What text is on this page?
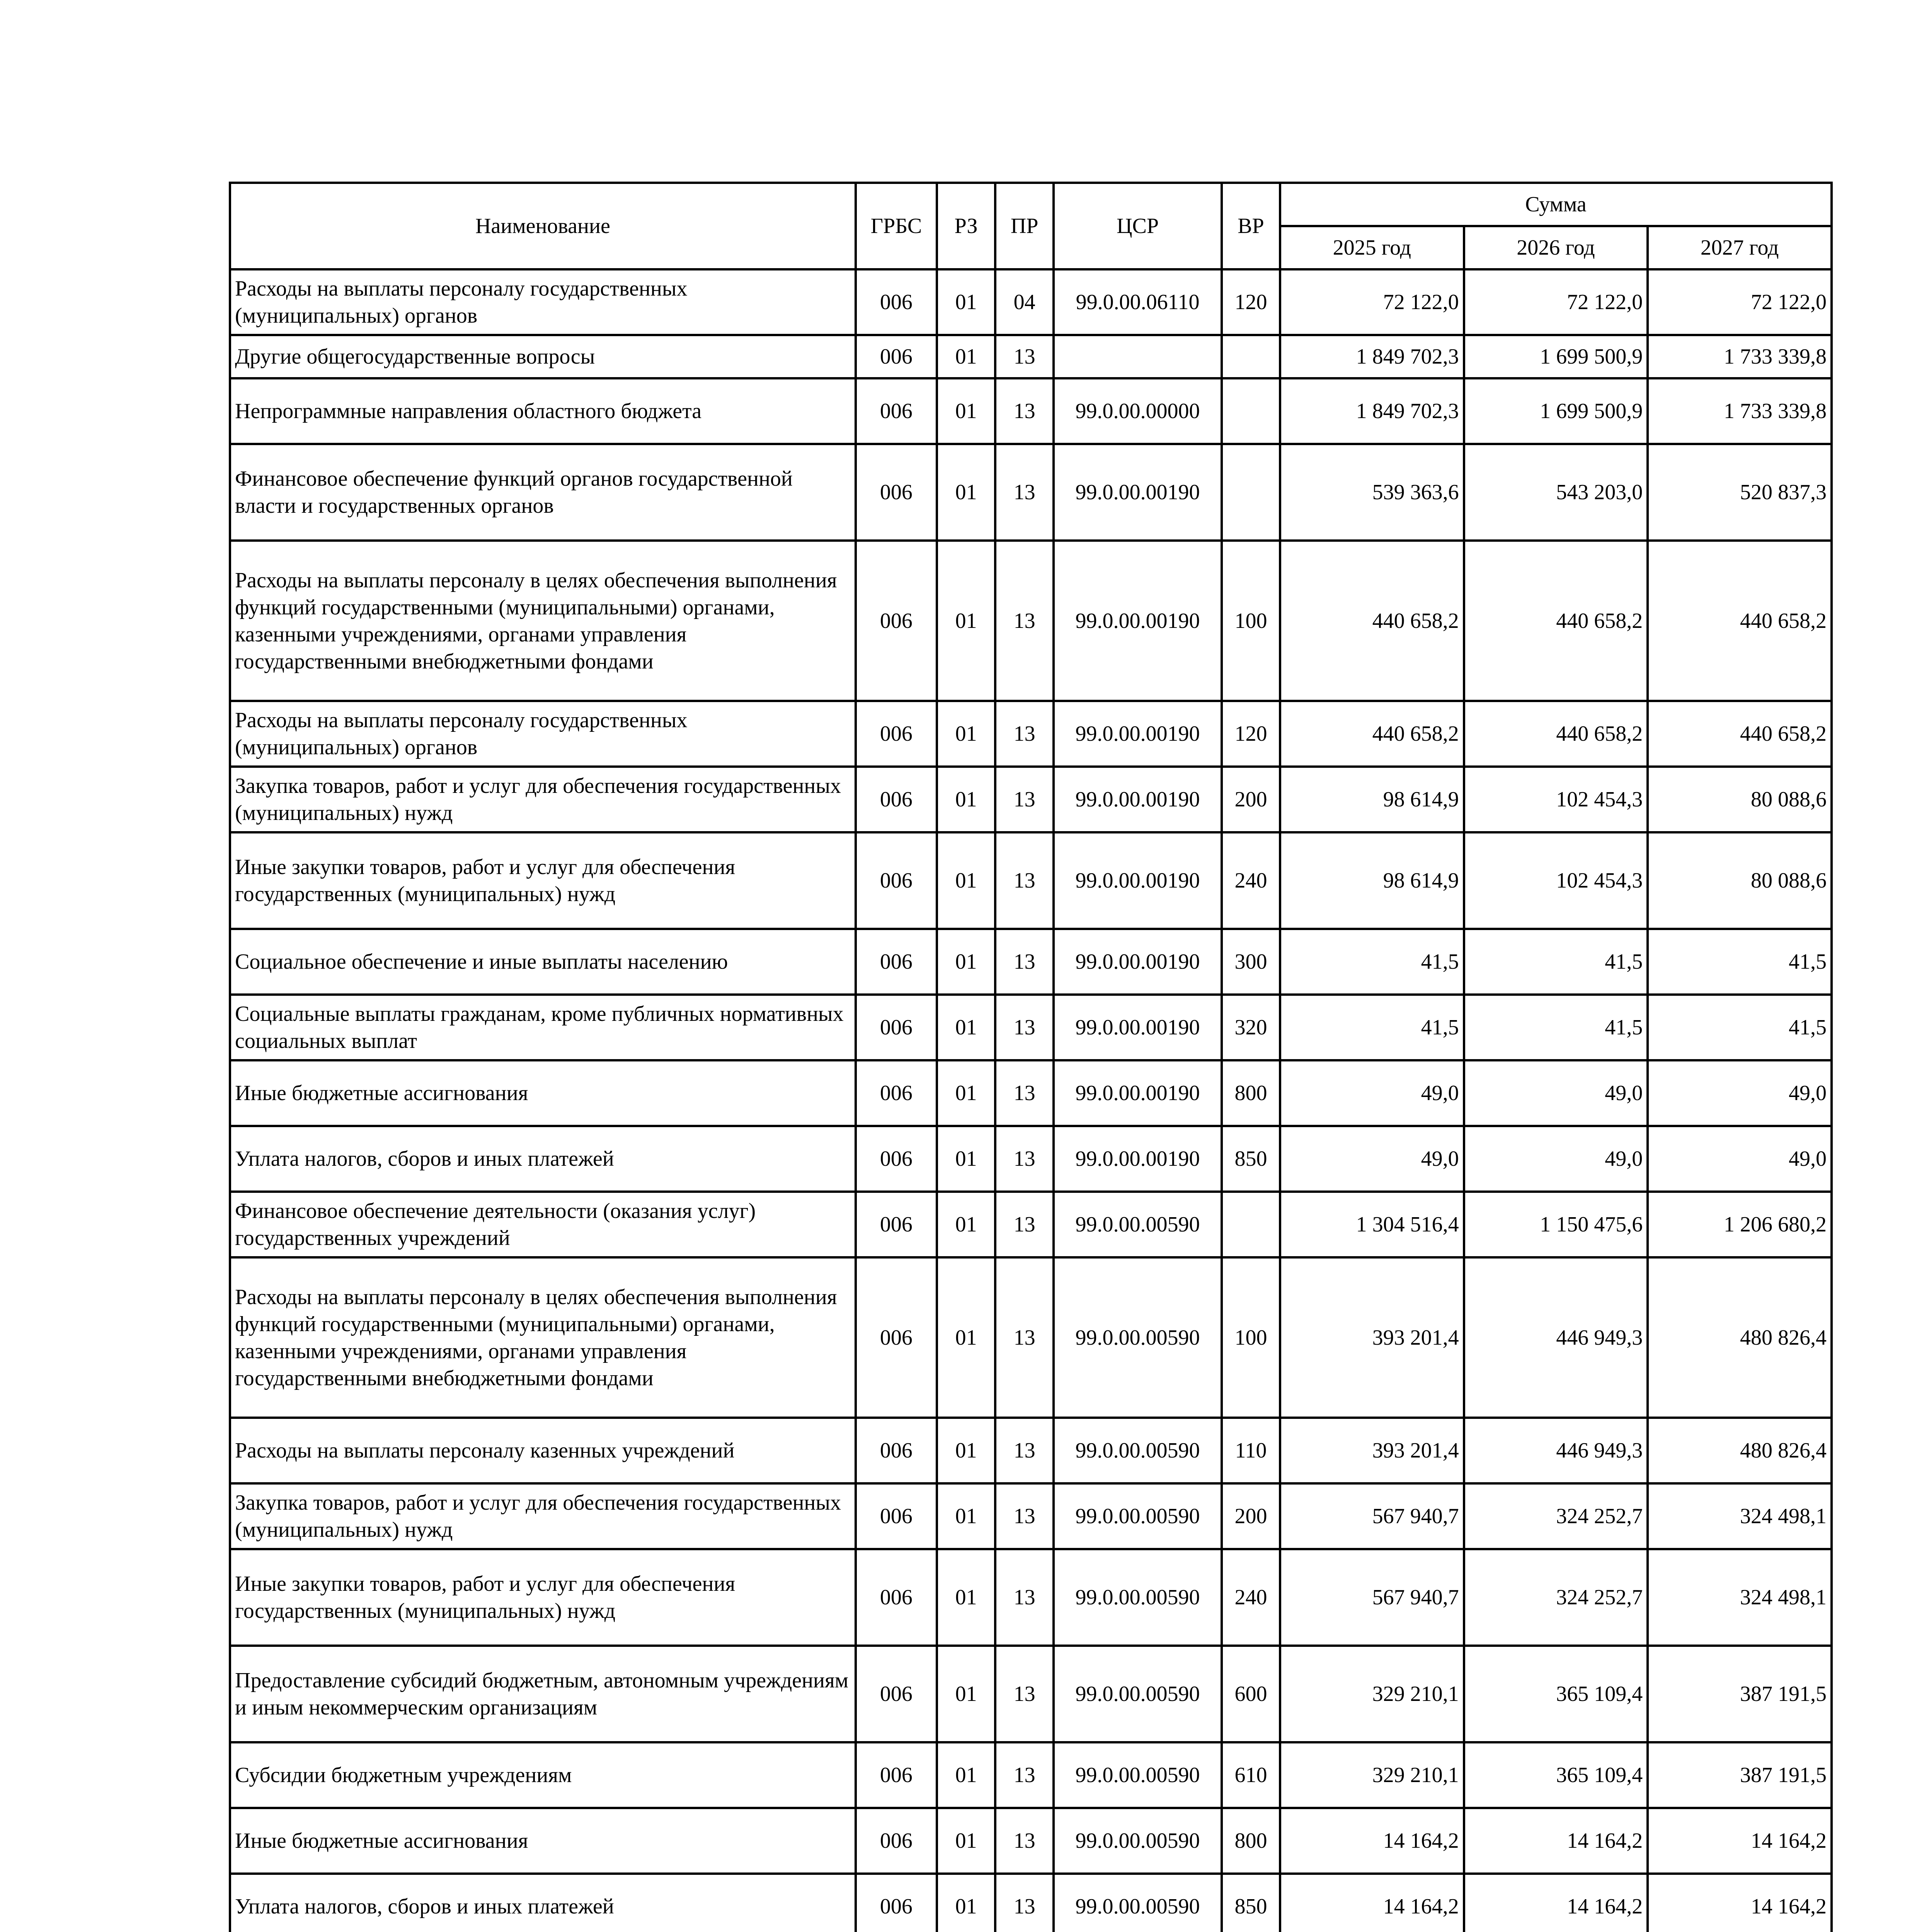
Наименование	ГРБС	РЗ	ПР	ЦСР	ВР	Сумма		
						2025 год	2026 год	2027 год
Расходы на выплаты персоналу государственных (муниципальных) органов	006	01	04	99.0.00.06110	120	72 122,0	72 122,0	72 122,0
Другие общегосударственные вопросы	006	01	13			1 849 702,3	1 699 500,9	1 733 339,8
Непрограммные направления областного бюджета	006	01	13	99.0.00.00000		1 849 702,3	1 699 500,9	1 733 339,8
Финансовое обеспечение функций органов государственной власти и государственных органов	006	01	13	99.0.00.00190		539 363,6	543 203,0	520 837,3
Расходы на выплаты персоналу в целях обеспечения выполнения функций государственными (муниципальными) органами, казенными учреждениями, органами управления государственными внебюджетными фондами	006	01	13	99.0.00.00190	100	440 658,2	440 658,2	440 658,2
Расходы на выплаты персоналу государственных (муниципальных) органов	006	01	13	99.0.00.00190	120	440 658,2	440 658,2	440 658,2
Закупка товаров, работ и услуг для обеспечения государственных (муниципальных) нужд	006	01	13	99.0.00.00190	200	98 614,9	102 454,3	80 088,6
Иные закупки товаров, работ и услуг для обеспечения государственных (муниципальных) нужд	006	01	13	99.0.00.00190	240	98 614,9	102 454,3	80 088,6
Социальное обеспечение и иные выплаты населению	006	01	13	99.0.00.00190	300	41,5	41,5	41,5
Социальные выплаты гражданам, кроме публичных нормативных социальных выплат	006	01	13	99.0.00.00190	320	41,5	41,5	41,5
Иные бюджетные ассигнования	006	01	13	99.0.00.00190	800	49,0	49,0	49,0
Уплата налогов, сборов и иных платежей	006	01	13	99.0.00.00190	850	49,0	49,0	49,0
Финансовое обеспечение деятельности (оказания услуг) государственных учреждений	006	01	13	99.0.00.00590		1 304 516,4	1 150 475,6	1 206 680,2
Расходы на выплаты персоналу в целях обеспечения выполнения функций государственными (муниципальными) органами, казенными учреждениями, органами управления государственными внебюджетными фондами	006	01	13	99.0.00.00590	100	393 201,4	446 949,3	480 826,4
Расходы на выплаты персоналу казенных учреждений	006	01	13	99.0.00.00590	110	393 201,4	446 949,3	480 826,4
Закупка товаров, работ и услуг для обеспечения государственных (муниципальных) нужд	006	01	13	99.0.00.00590	200	567 940,7	324 252,7	324 498,1
Иные закупки товаров, работ и услуг для обеспечения государственных (муниципальных) нужд	006	01	13	99.0.00.00590	240	567 940,7	324 252,7	324 498,1
Предоставление субсидий бюджетным, автономным учреждениям и иным некоммерческим организациям	006	01	13	99.0.00.00590	600	329 210,1	365 109,4	387 191,5
Субсидии бюджетным учреждениям	006	01	13	99.0.00.00590	610	329 210,1	365 109,4	387 191,5
Иные бюджетные ассигнования	006	01	13	99.0.00.00590	800	14 164,2	14 164,2	14 164,2
Уплата налогов, сборов и иных платежей	006	01	13	99.0.00.00590	850	14 164,2	14 164,2	14 164,2
